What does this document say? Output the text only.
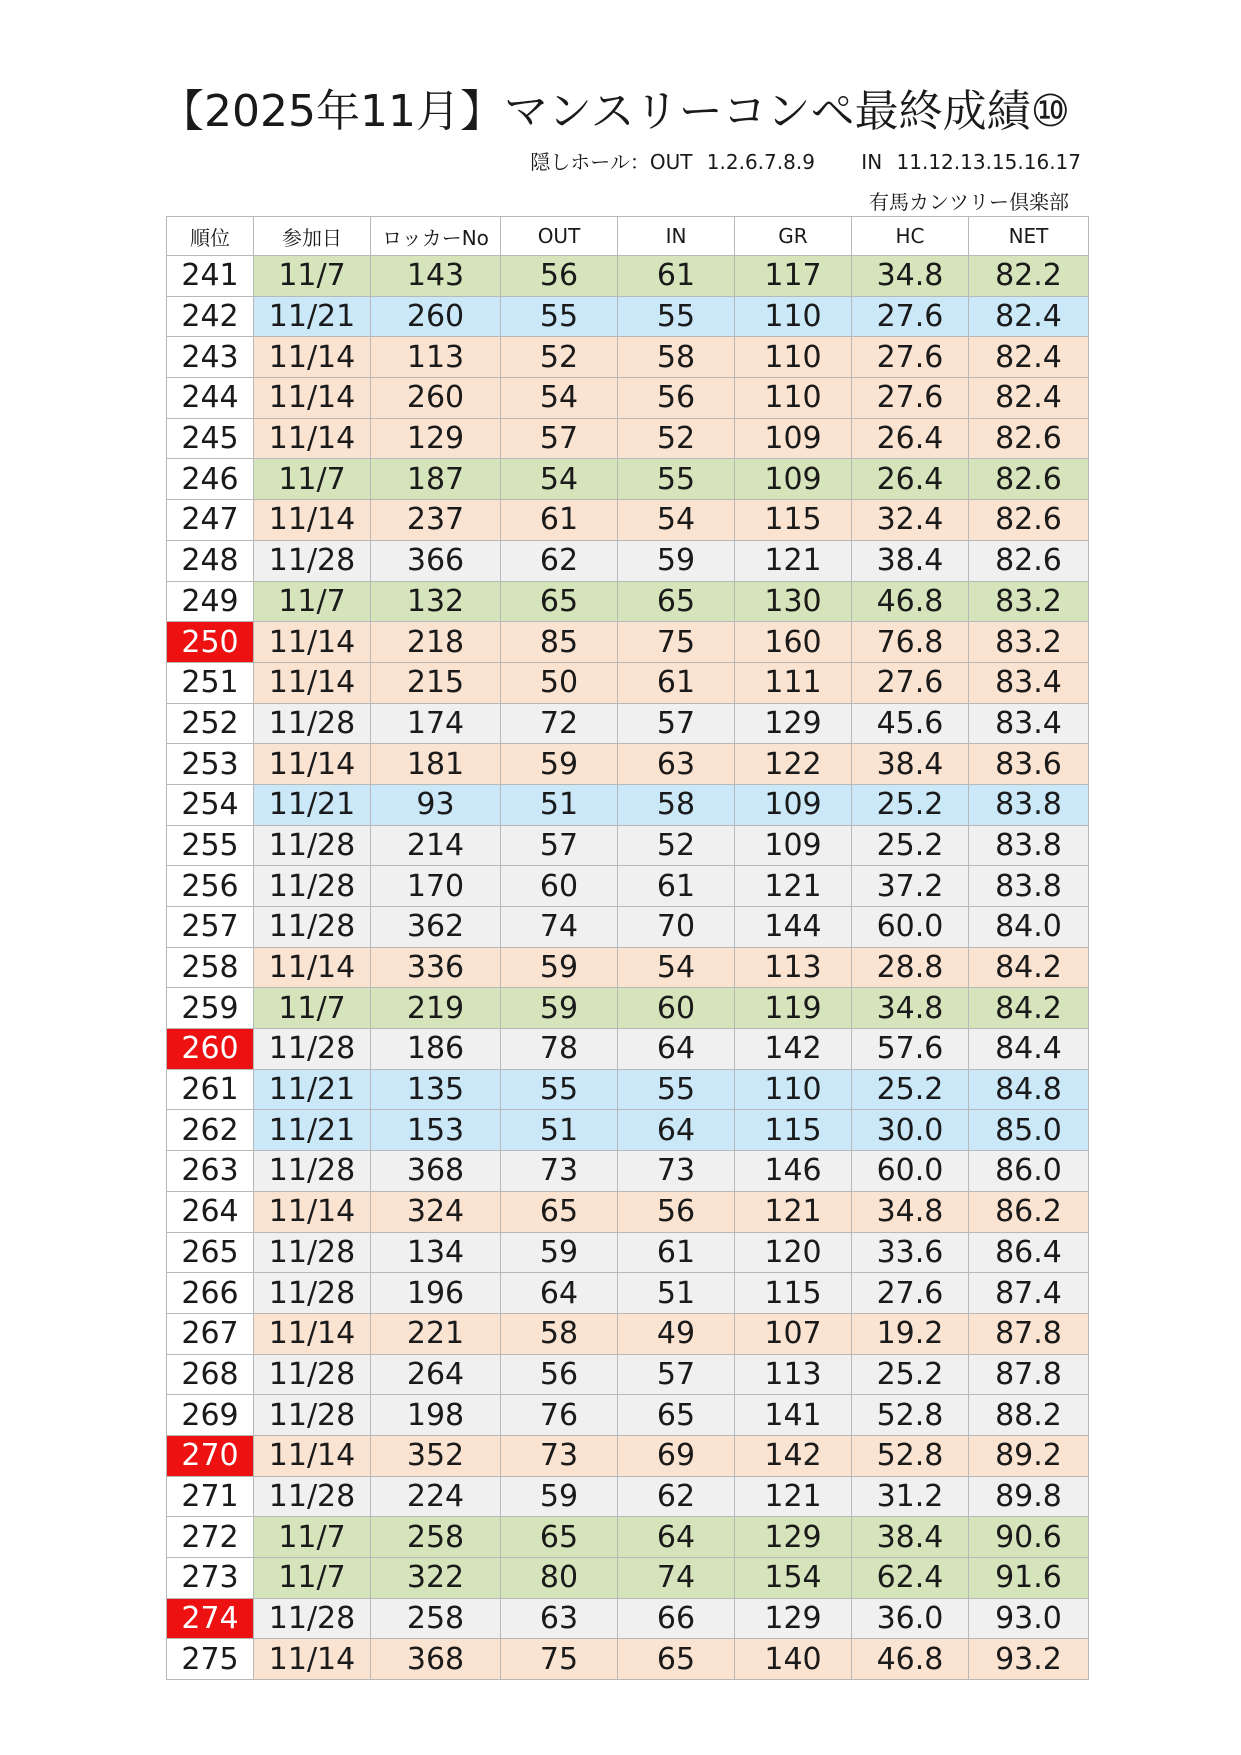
【2025年11月】マンスリーコンペ最終成績⑩
隠しホール：OUT 1.2.6.7.8.9 IN 11.12.13.15.16.17
有馬カンツリー倶楽部
順位	参加日	ロッカーNo	OUT	IN	GR	HC	NET
241	11/7	143	56	61	117	34.8	82.2
242	11/21	260	55	55	110	27.6	82.4
243	11/14	113	52	58	110	27.6	82.4
244	11/14	260	54	56	110	27.6	82.4
245	11/14	129	57	52	109	26.4	82.6
246	11/7	187	54	55	109	26.4	82.6
247	11/14	237	61	54	115	32.4	82.6
248	11/28	366	62	59	121	38.4	82.6
249	11/7	132	65	65	130	46.8	83.2
250	11/14	218	85	75	160	76.8	83.2
251	11/14	215	50	61	111	27.6	83.4
252	11/28	174	72	57	129	45.6	83.4
253	11/14	181	59	63	122	38.4	83.6
254	11/21	93	51	58	109	25.2	83.8
255	11/28	214	57	52	109	25.2	83.8
256	11/28	170	60	61	121	37.2	83.8
257	11/28	362	74	70	144	60.0	84.0
258	11/14	336	59	54	113	28.8	84.2
259	11/7	219	59	60	119	34.8	84.2
260	11/28	186	78	64	142	57.6	84.4
261	11/21	135	55	55	110	25.2	84.8
262	11/21	153	51	64	115	30.0	85.0
263	11/28	368	73	73	146	60.0	86.0
264	11/14	324	65	56	121	34.8	86.2
265	11/28	134	59	61	120	33.6	86.4
266	11/28	196	64	51	115	27.6	87.4
267	11/14	221	58	49	107	19.2	87.8
268	11/28	264	56	57	113	25.2	87.8
269	11/28	198	76	65	141	52.8	88.2
270	11/14	352	73	69	142	52.8	89.2
271	11/28	224	59	62	121	31.2	89.8
272	11/7	258	65	64	129	38.4	90.6
273	11/7	322	80	74	154	62.4	91.6
274	11/28	258	63	66	129	36.0	93.0
275	11/14	368	75	65	140	46.8	93.2
